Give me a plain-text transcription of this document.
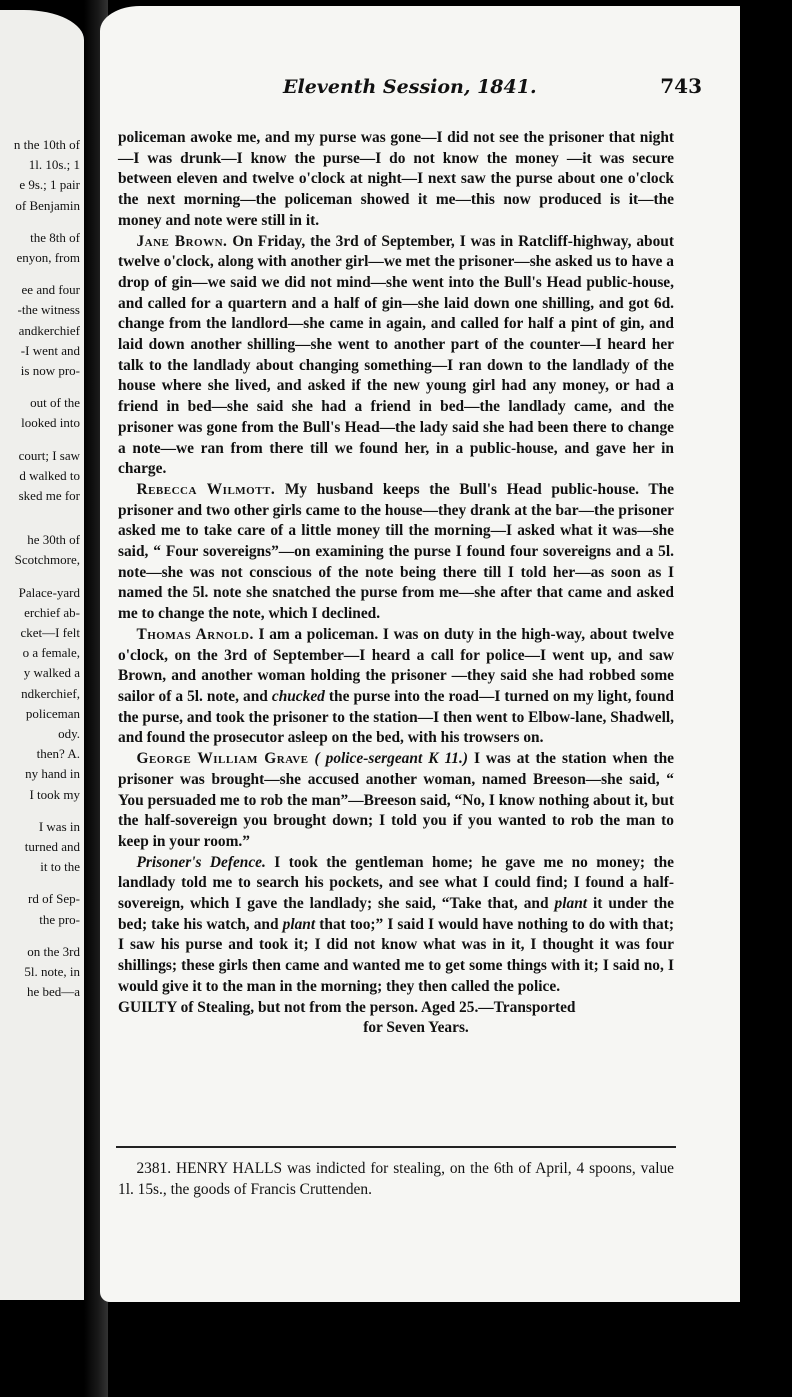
n the 10th of
1l. 10s.; 1
e 9s.; 1 pair
of Benjamin
the 8th of
enyon, from
ee and four
-the witness
andkerchief
-I went and
is now pro-
out of the
looked into
court; I saw
d walked to
sked me for
he 30th of
Scotchmore,
Palace-yard
erchief ab-
cket—I felt
o a female,
y walked a
ndkerchief,
policeman
ody.
then? A.
ny hand in
I took my
I was in
turned and
it to the
rd of Sep-
the pro-
on the 3rd
5l. note, in
he bed—a
Eleventh Session, 1841.	743

policeman awoke me, and my purse was gone—I did not see the prisoner that night—I was drunk—I know the purse—I do not know the money —it was secure between eleven and twelve o'clock at night—I next saw the purse about one o'clock the next morning—the policeman showed it me—this now produced is it—the money and note were still in it.

Jane Brown. On Friday, the 3rd of September, I was in Ratcliff-highway, about twelve o'clock, along with another girl—we met the prisoner—she asked us to have a drop of gin—we said we did not mind—she went into the Bull's Head public-house, and called for a quartern and a half of gin—she laid down one shilling, and got 6d. change from the landlord—she came in again, and called for half a pint of gin, and laid down another shilling—she went to another part of the counter—I heard her talk to the landlady about changing something—I ran down to the landlady of the house where she lived, and asked if the new young girl had any money, or had a friend in bed—she said she had a friend in bed—the landlady came, and the prisoner was gone from the Bull's Head—the lady said she had been there to change a note—we ran from there till we found her, in a public-house, and gave her in charge.

Rebecca Wilmott. My husband keeps the Bull's Head public-house. The prisoner and two other girls came to the house—they drank at the bar—the prisoner asked me to take care of a little money till the morning—I asked what it was—she said, “ Four sovereigns”—on examining the purse I found four sovereigns and a 5l. note—she was not conscious of the note being there till I told her—as soon as I named the 5l. note she snatched the purse from me—she after that came and asked me to change the note, which I declined.

Thomas Arnold. I am a policeman. I was on duty in the high-way, about twelve o'clock, on the 3rd of September—I heard a call for police—I went up, and saw Brown, and another woman holding the prisoner —they said she had robbed some sailor of a 5l. note, and chucked the purse into the road—I turned on my light, found the purse, and took the prisoner to the station—I then went to Elbow-lane, Shadwell, and found the prosecutor asleep on the bed, with his trowsers on.

George William Grave ( police-sergeant K 11.) I was at the station when the prisoner was brought—she accused another woman, named Breeson—she said, “ You persuaded me to rob the man”—Breeson said, “No, I know nothing about it, but the half-sovereign you brought down; I told you if you wanted to rob the man to keep in your room.”

Prisoner's Defence. I took the gentleman home; he gave me no money; the landlady told me to search his pockets, and see what I could find; I found a half-sovereign, which I gave the landlady; she said, “Take that, and plant it under the bed; take his watch, and plant that too;” I said I would have nothing to do with that; I saw his purse and took it; I did not know what was in it, I thought it was four shillings; these girls then came and wanted me to get some things with it; I said no, I would give it to the man in the morning; they then called the police.

GUILTY of Stealing, but not from the person. Aged 25.—Transported
for Seven Years.

2381. HENRY HALLS was indicted for stealing, on the 6th of April, 4 spoons, value 1l. 15s., the goods of Francis Cruttenden.
